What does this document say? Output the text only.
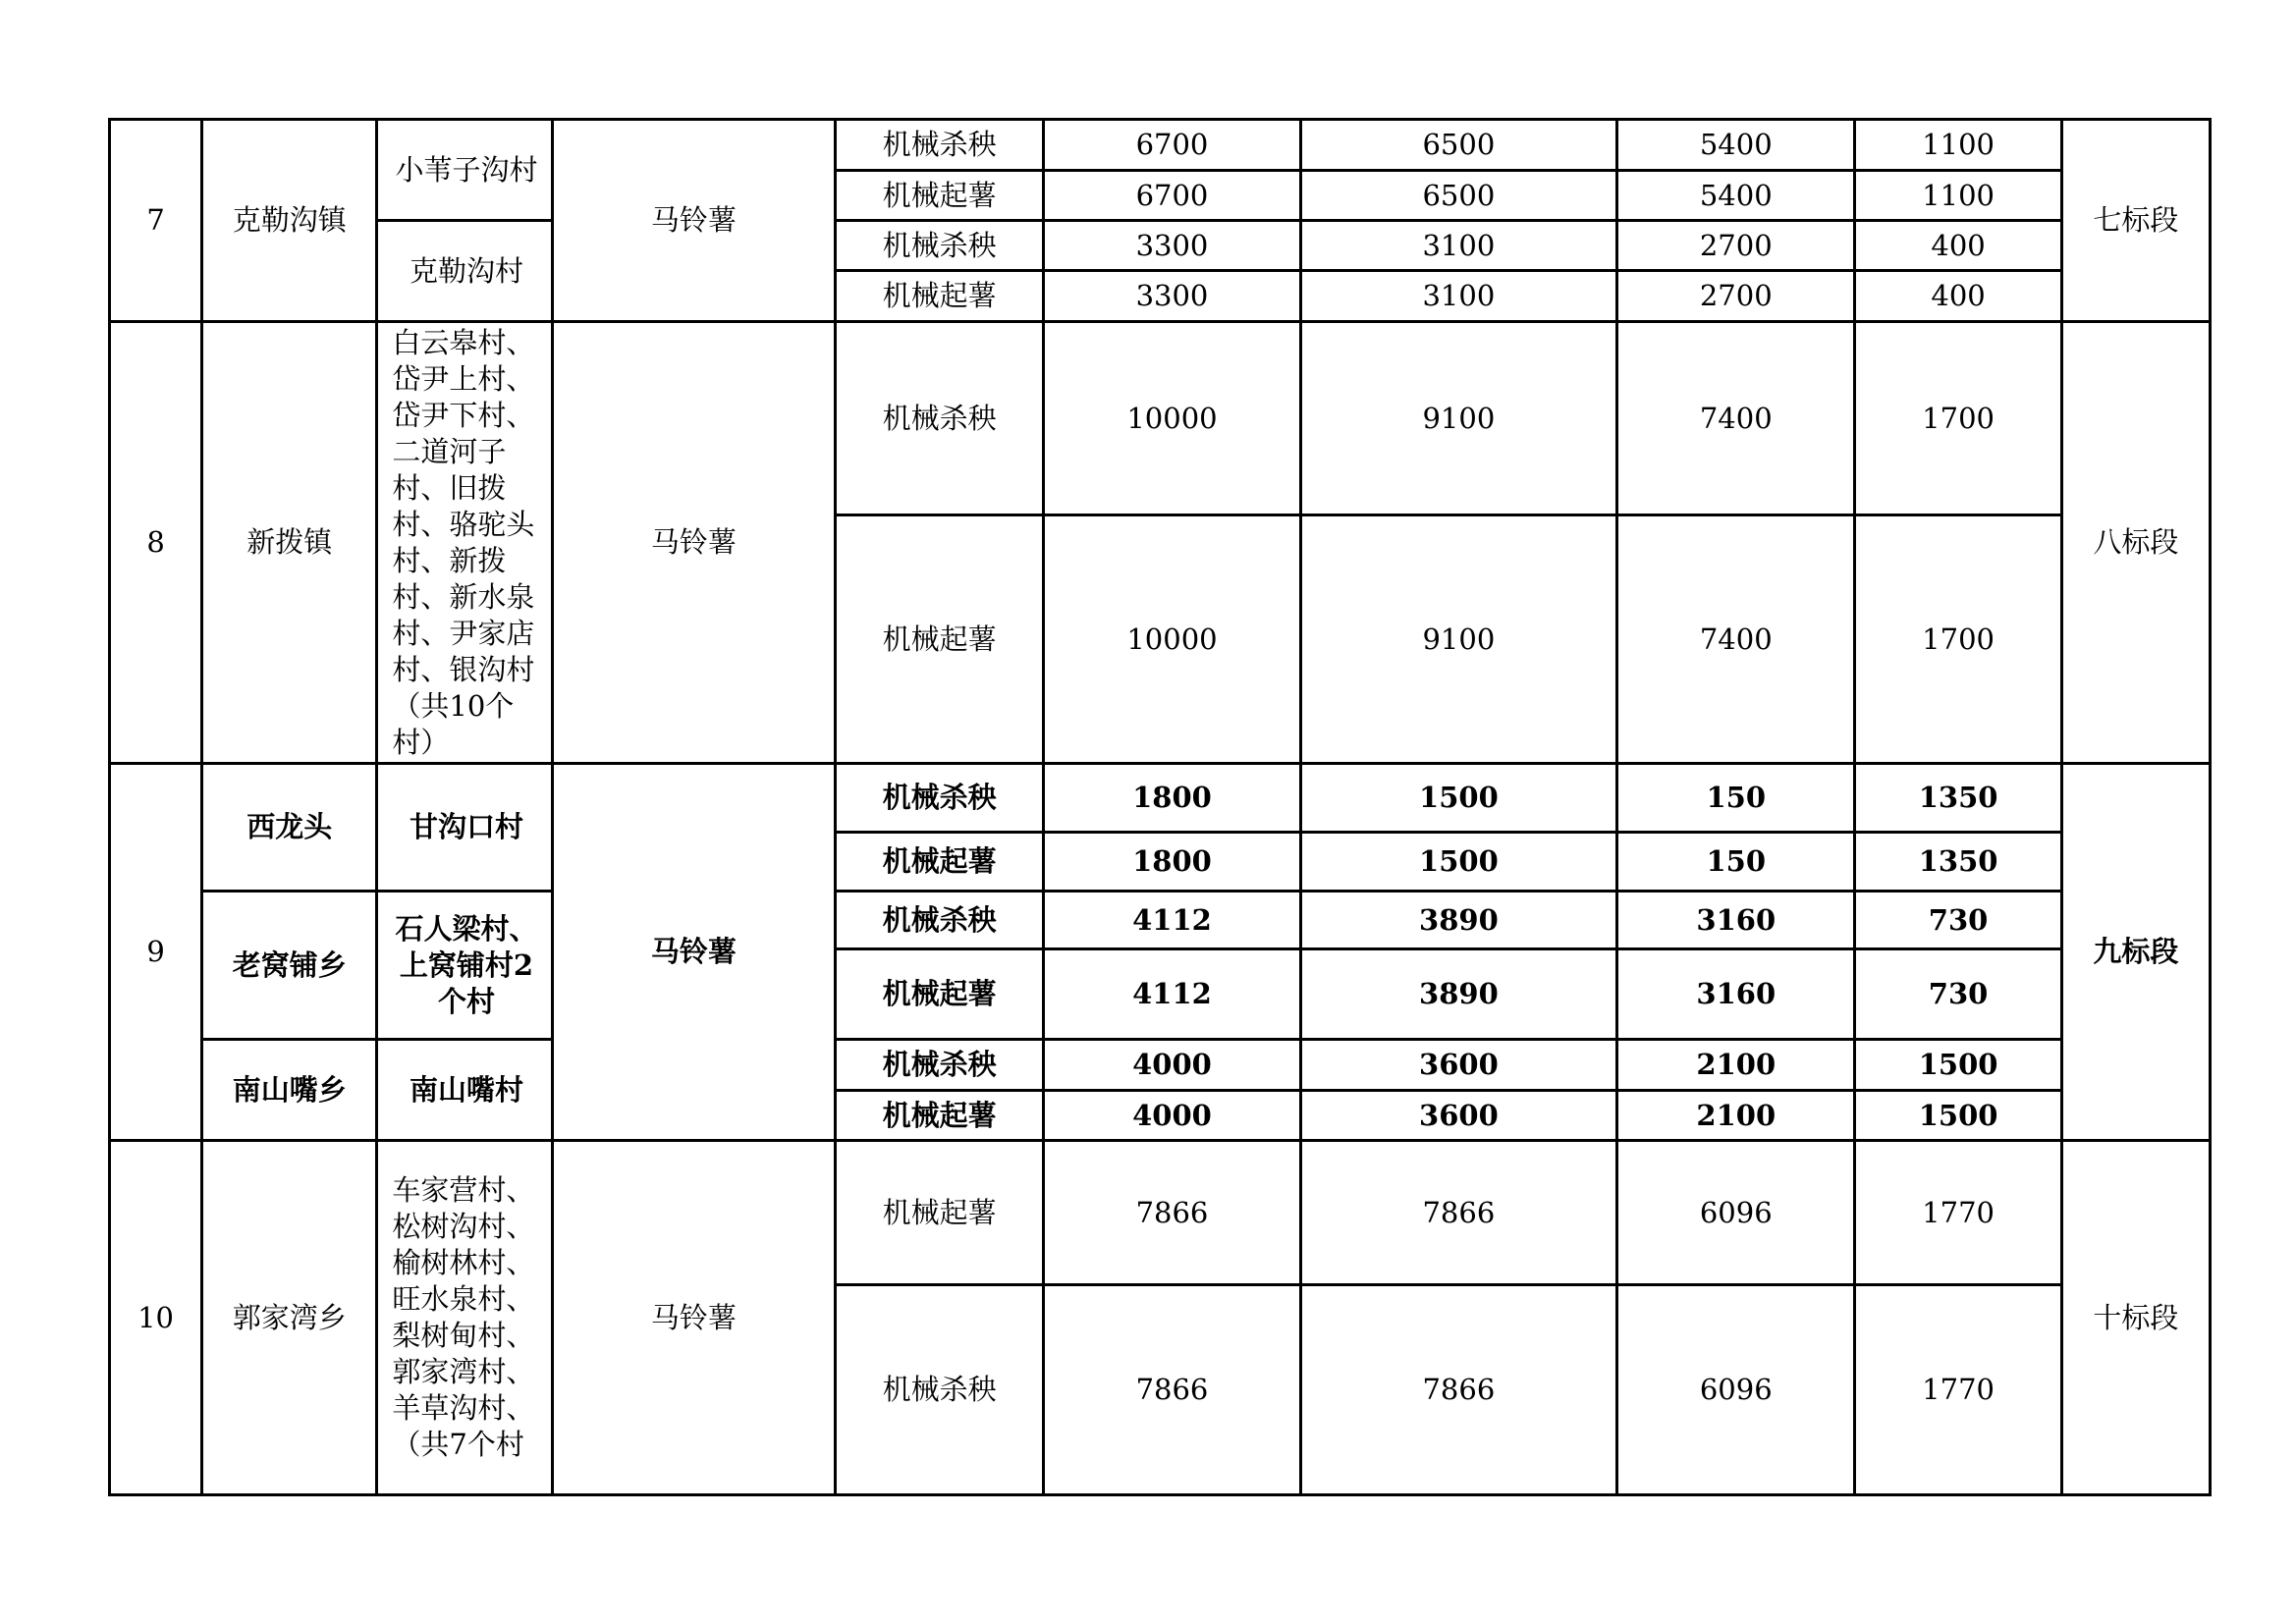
7	克勒沟镇	小苇子沟村	马铃薯	机械杀秧	6700	6500	5400	1100	七标段
				机械起薯	6700	6500	5400	1100	
		克勒沟村		机械杀秧	3300	3100	2700	400	
				机械起薯	3300	3100	2700	400	
8	新拨镇	白云皋村、岱尹上村、岱尹下村、二道河子村、旧拨村、骆驼头村、新拨村、新水泉村、尹家店村、银沟村（共10个村）	马铃薯	机械杀秧	10000	9100	7400	1700	八标段
				机械起薯	10000	9100	7400	1700	
9	西龙头	甘沟口村	马铃薯	机械杀秧	1800	1500	150	1350	九标段
				机械起薯	1800	1500	150	1350	
	老窝铺乡	石人梁村、上窝铺村2个村		机械杀秧	4112	3890	3160	730	
				机械起薯	4112	3890	3160	730	
	南山嘴乡	南山嘴村		机械杀秧	4000	3600	2100	1500	
				机械起薯	4000	3600	2100	1500	
10	郭家湾乡	车家营村、松树沟村、榆树林村、旺水泉村、梨树甸村、郭家湾村、羊草沟村、（共7个村	马铃薯	机械起薯	7866	7866	6096	1770	十标段
				机械杀秧	7866	7866	6096	1770	
